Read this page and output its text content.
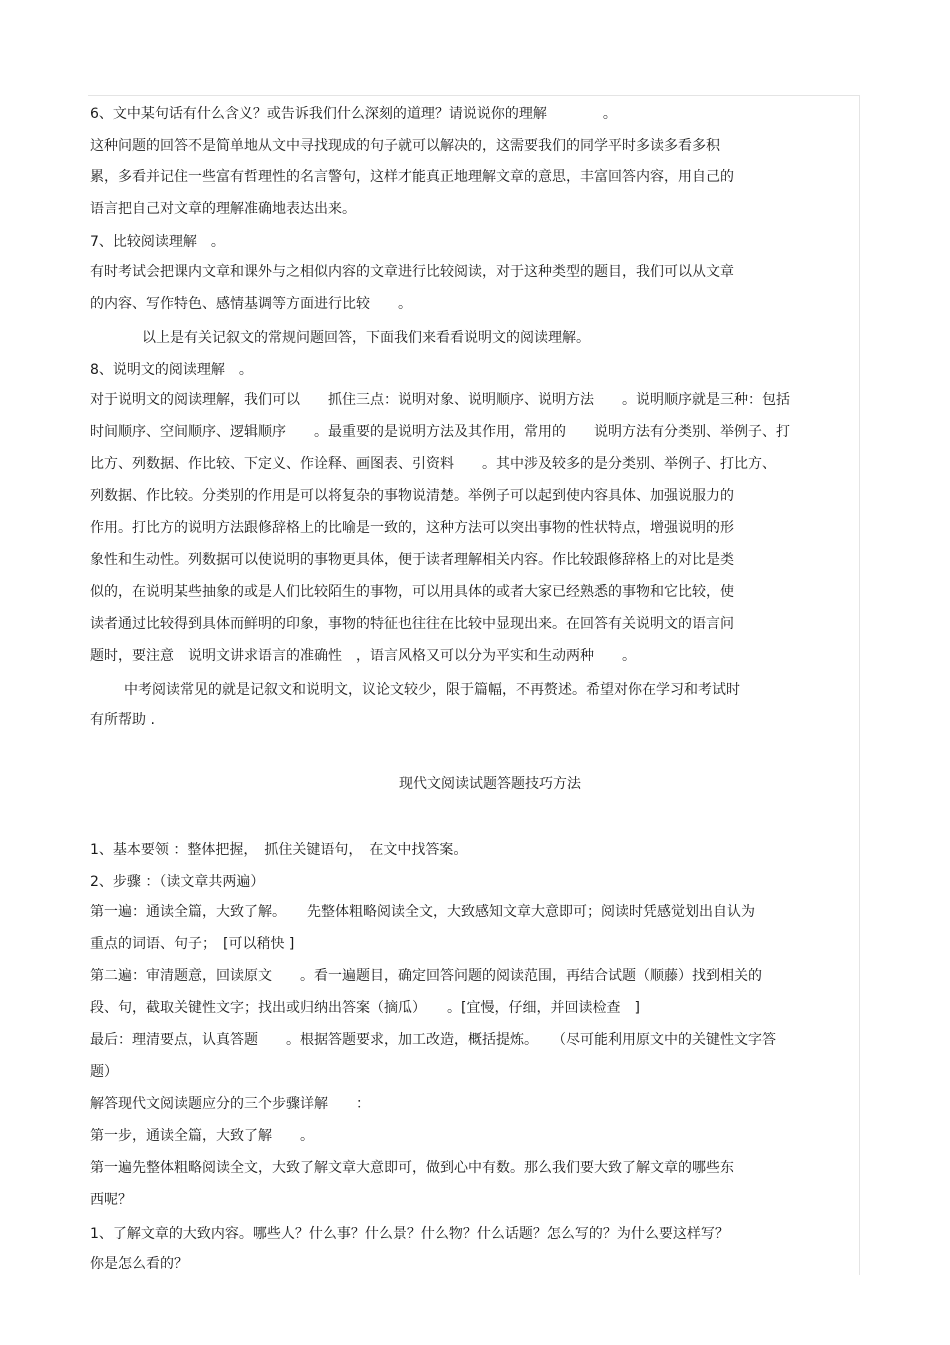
6、文中某句话有什么含义？或告诉我们什么深刻的道理？请说说你的理解　　　　。

这种问题的回答不是简单地从文中寻找现成的句子就可以解决的，这需要我们的同学平时多读多看多积

累，多看并记住一些富有哲理性的名言警句，这样才能真正地理解文章的意思，丰富回答内容，用自己的

语言把自己对文章的理解准确地表达出来。

7、比较阅读理解　。

有时考试会把课内文章和课外与之相似内容的文章进行比较阅读，对于这种类型的题目，我们可以从文章

的内容、写作特色、感情基调等方面进行比较　　。

以上是有关记叙文的常规问题回答，下面我们来看看说明文的阅读理解。

8、说明文的阅读理解　。

对于说明文的阅读理解，我们可以　　抓住三点：说明对象、说明顺序、说明方法　　。说明顺序就是三种：包括

时间顺序、空间顺序、逻辑顺序　　。最重要的是说明方法及其作用，常用的　　说明方法有分类别、举例子、打

比方、列数据、作比较、下定义、作诠释、画图表、引资料　　。其中涉及较多的是分类别、举例子、打比方、

列数据、作比较。分类别的作用是可以将复杂的事物说清楚。举例子可以起到使内容具体、加强说服力的

作用。打比方的说明方法跟修辞格上的比喻是一致的，这种方法可以突出事物的性状特点，增强说明的形

象性和生动性。列数据可以使说明的事物更具体，便于读者理解相关内容。作比较跟修辞格上的对比是类

似的，在说明某些抽象的或是人们比较陌生的事物，可以用具体的或者大家已经熟悉的事物和它比较，使

读者通过比较得到具体而鲜明的印象，事物的特征也往往在比较中显现出来。在回答有关说明文的语言问

题时，要注意　说明文讲求语言的准确性　，语言风格又可以分为平实和生动两种　　。

中考阅读常见的就是记叙文和说明文，议论文较少，限于篇幅，不再赘述。希望对你在学习和考试时

有所帮助 .

现代文阅读试题答题技巧方法

1、基本要领 ：整体把握，　抓住关键语句，　在文中找答案。

2、步骤 ：（读文章共两遍）

第一遍：通读全篇，大致了解。　　先整体粗略阅读全文，大致感知文章大意即可；阅读时凭感觉划出自认为

重点的词语、句子；　[可以稍快 ]

第二遍：审清题意，回读原文　　。看一遍题目，确定回答问题的阅读范围，再结合试题（顺藤）找到相关的

段、句，截取关键性文字；找出或归纳出答案（摘瓜）　　。[宜慢，仔细，并回读检查　]

最后：理清要点，认真答题　　。根据答题要求，加工改造，概括提炼。　　（尽可能利用原文中的关键性文字答

题）

解答现代文阅读题应分的三个步骤详解　　：

第一步，通读全篇，大致了解　　。

第一遍先整体粗略阅读全文，大致了解文章大意即可，做到心中有数。那么我们要大致了解文章的哪些东

西呢？

1、了解文章的大致内容。哪些人？什么事？什么景？什么物？什么话题？怎么写的？为什么要这样写？

你是怎么看的？
